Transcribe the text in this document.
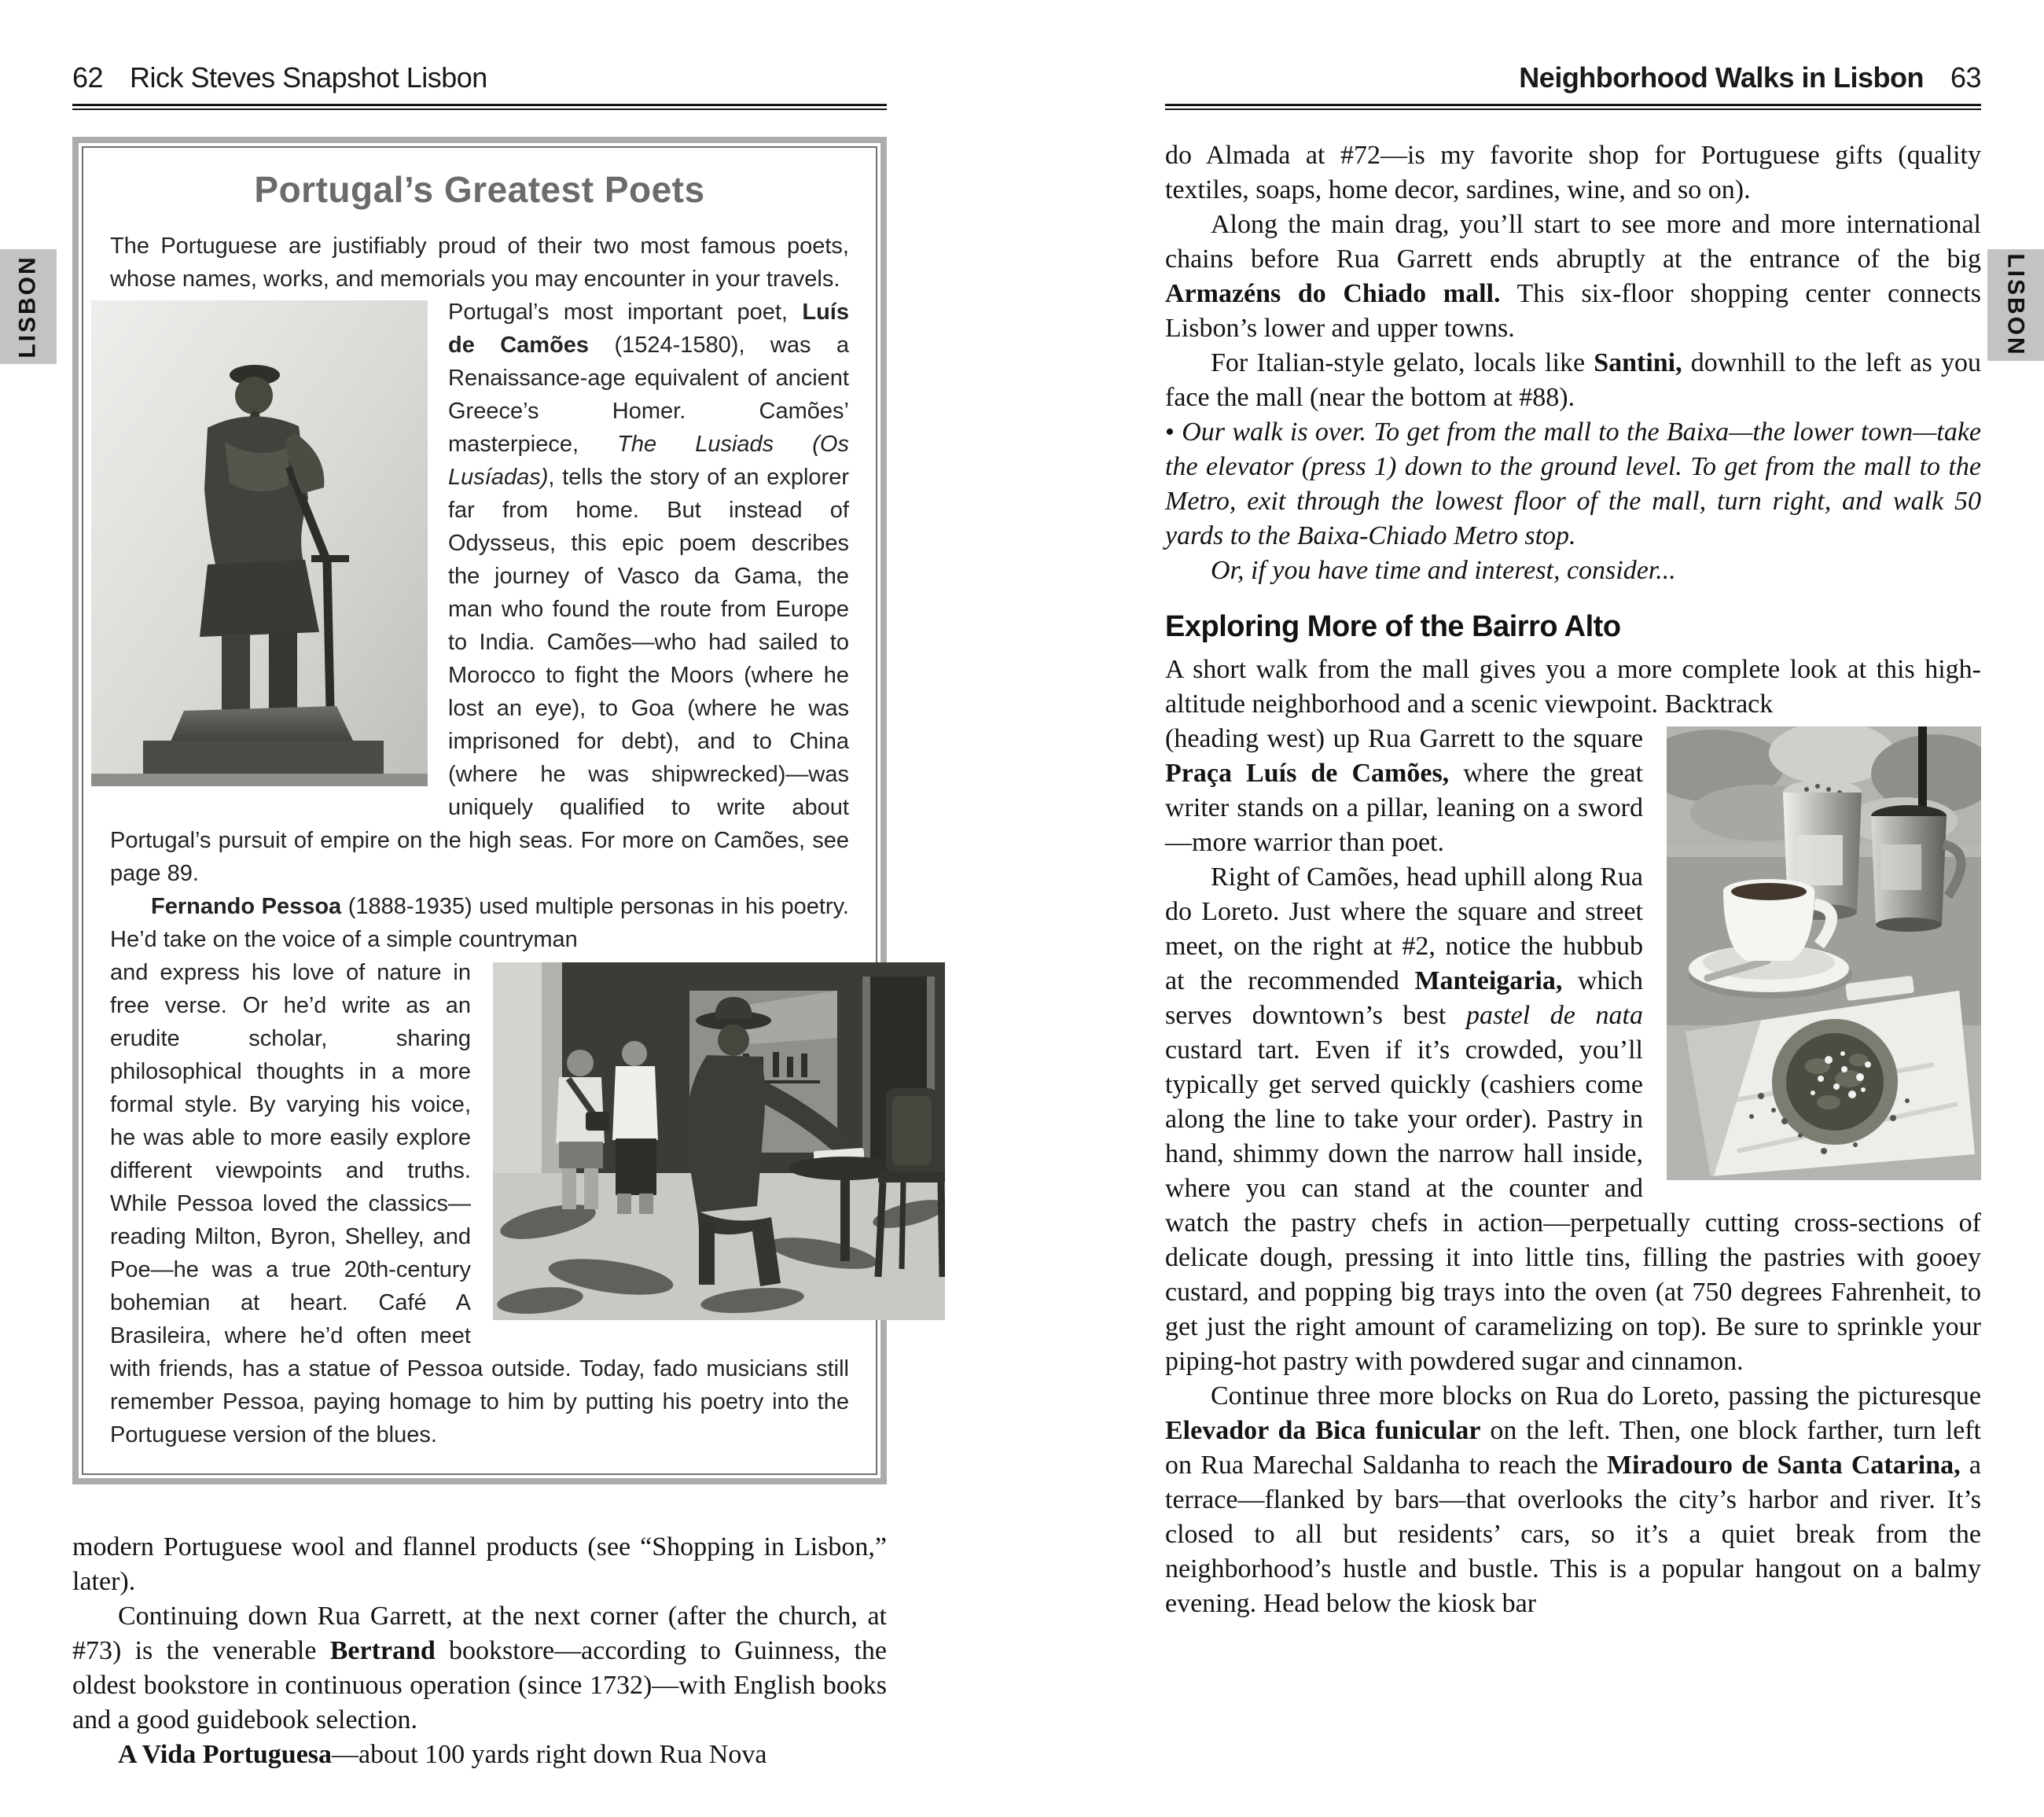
LISBON	LISBON
62 Rick Steves Snapshot Lisbon
Portugal’s Greatest Poets

The Portuguese are justifiably proud of their two most famous poets, whose names, works, and memorials you may encounter in your travels.

Portugal’s most important poet, Luís de Camões (1524-1580), was a Renaissance-age equivalent of ancient Greece’s Homer. Camões’ masterpiece, The Lusiads (Os Lusíadas), tells the story of an explorer far from home. But instead of Odysseus, this epic poem describes the journey of Vasco da Gama, the man who found the route from Europe to India. Camões—who had sailed to Morocco to fight the Moors (where he lost an eye), to Goa (where he was imprisoned for debt), and to China (where he was shipwrecked)—was uniquely qualified to write about Portugal’s pursuit of empire on the high seas. For more on Camões, see page 89.

Fernando Pessoa (1888-1935) used multiple personas in his poetry. He’d take on the voice of a simple countryman

and express his love of nature in free verse. Or he’d write as an erudite scholar, sharing philosophical thoughts in a more formal style. By varying his voice, he was able to more easily explore different viewpoints and truths. While Pessoa loved the classics—reading Milton, Byron, Shelley, and Poe—he was a true 20th-century bohemian at heart. Café A Brasileira, where he’d often meet with friends, has a statue of Pessoa outside. Today, fado musicians still remember Pessoa, paying homage to him by putting his poetry into the Portuguese version of the blues.

modern Portuguese wool and flannel products (see “Shopping in Lisbon,” later).

Continuing down Rua Garrett, at the next corner (after the church, at #73) is the venerable Bertrand bookstore—according to Guinness, the oldest bookstore in continuous operation (since 1732)—with English books and a good guidebook selection.

A Vida Portuguesa—about 100 yards right down Rua Nova

Neighborhood Walks in Lisbon 63

do Almada at #72—is my favorite shop for Portuguese gifts (quality textiles, soaps, home decor, sardines, wine, and so on).

Along the main drag, you’ll start to see more and more international chains before Rua Garrett ends abruptly at the entrance of the big Armazéns do Chiado mall. This six-floor shopping center connects Lisbon’s lower and upper towns.

For Italian-style gelato, locals like Santini, downhill to the left as you face the mall (near the bottom at #88).

• Our walk is over. To get from the mall to the Baixa—the lower town—take the elevator (press 1) down to the ground level. To get from the mall to the Metro, exit through the lowest floor of the mall, turn right, and walk 50 yards to the Baixa-Chiado Metro stop.

Or, if you have time and interest, consider...

Exploring More of the Bairro Alto

A short walk from the mall gives you a more complete look at this high-altitude neighborhood and a scenic viewpoint. Backtrack

(heading west) up Rua Garrett to the square Praça Luís de Camões, where the great writer stands on a pillar, leaning on a sword—more warrior than poet.

Right of Camões, head uphill along Rua do Loreto. Just where the square and street meet, on the right at #2, notice the hubbub at the recommended Manteigaria, which serves downtown’s best pastel de nata custard tart. Even if it’s crowded, you’ll typically get served quickly (cashiers come along the line to take your order). Pastry in hand, shimmy down the narrow hall inside, where you can stand at the counter and watch the pastry chefs in action—perpetually cutting cross-sections of delicate dough, pressing it into little tins, filling the pastries with gooey custard, and popping big trays into the oven (at 750 degrees Fahrenheit, to get just the right amount of caramelizing on top). Be sure to sprinkle your piping-hot pastry with powdered sugar and cinnamon.

Continue three more blocks on Rua do Loreto, passing the picturesque Elevador da Bica funicular on the left. Then, one block farther, turn left on Rua Marechal Saldanha to reach the Miradouro de Santa Catarina, a terrace—flanked by bars—that overlooks the city’s harbor and river. It’s closed to all but residents’ cars, so it’s a quiet break from the neighborhood’s hustle and bustle. This is a popular hangout on a balmy evening. Head below the kiosk bar
